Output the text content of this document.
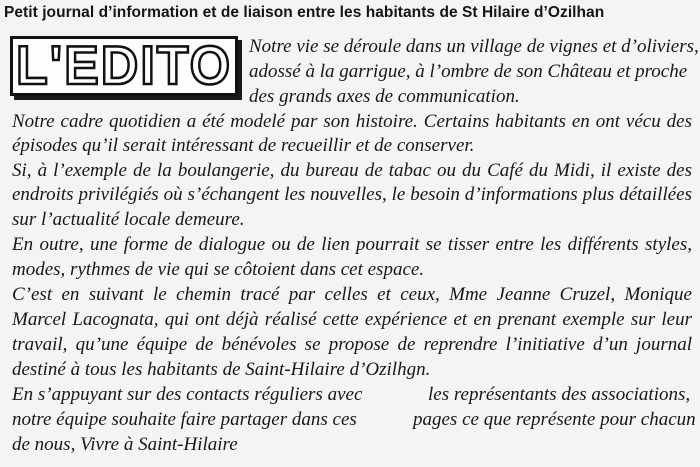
Petit journal d’information et de liaison entre les habitants de St Hilaire d’Ozilhan
L'EDITO Notre vie se déroule dans un village de vignes et d’oliviers,
adossé à la garrigue, à l’ombre de son Château et proche
des grands axes de communication.
Notre cadre quotidien a été modelé par son histoire. Certains habitants en ont vécu des
épisodes qu’il serait intéressant de recueillir et de conserver.
Si, à l’exemple de la boulangerie, du bureau de tabac ou du Café du Midi, il existe des
endroits privilégiés où s’échangent les nouvelles, le besoin d’informations plus détaillées
sur l’actualité locale demeure.
En outre, une forme de dialogue ou de lien pourrait se tisser entre les différents styles,
modes, rythmes de vie qui se côtoient dans cet espace.
C’est en suivant le chemin tracé par celles et ceux, Mme Jeanne Cruzel, Monique
Marcel Lacognata, qui ont déjà réalisé cette expérience et en prenant exemple sur leur
travail, qu’une équipe de bénévoles se propose de reprendre l’initiative d’un journal
destiné à tous les habitants de Saint-Hilaire d’Ozilhgn.
En s’appuyant sur des contacts réguliers avec	les représentants des associations,
notre équipe souhaite faire partager dans ces	pages ce que représente pour chacun
de nous, Vivre à Saint-Hilaire
